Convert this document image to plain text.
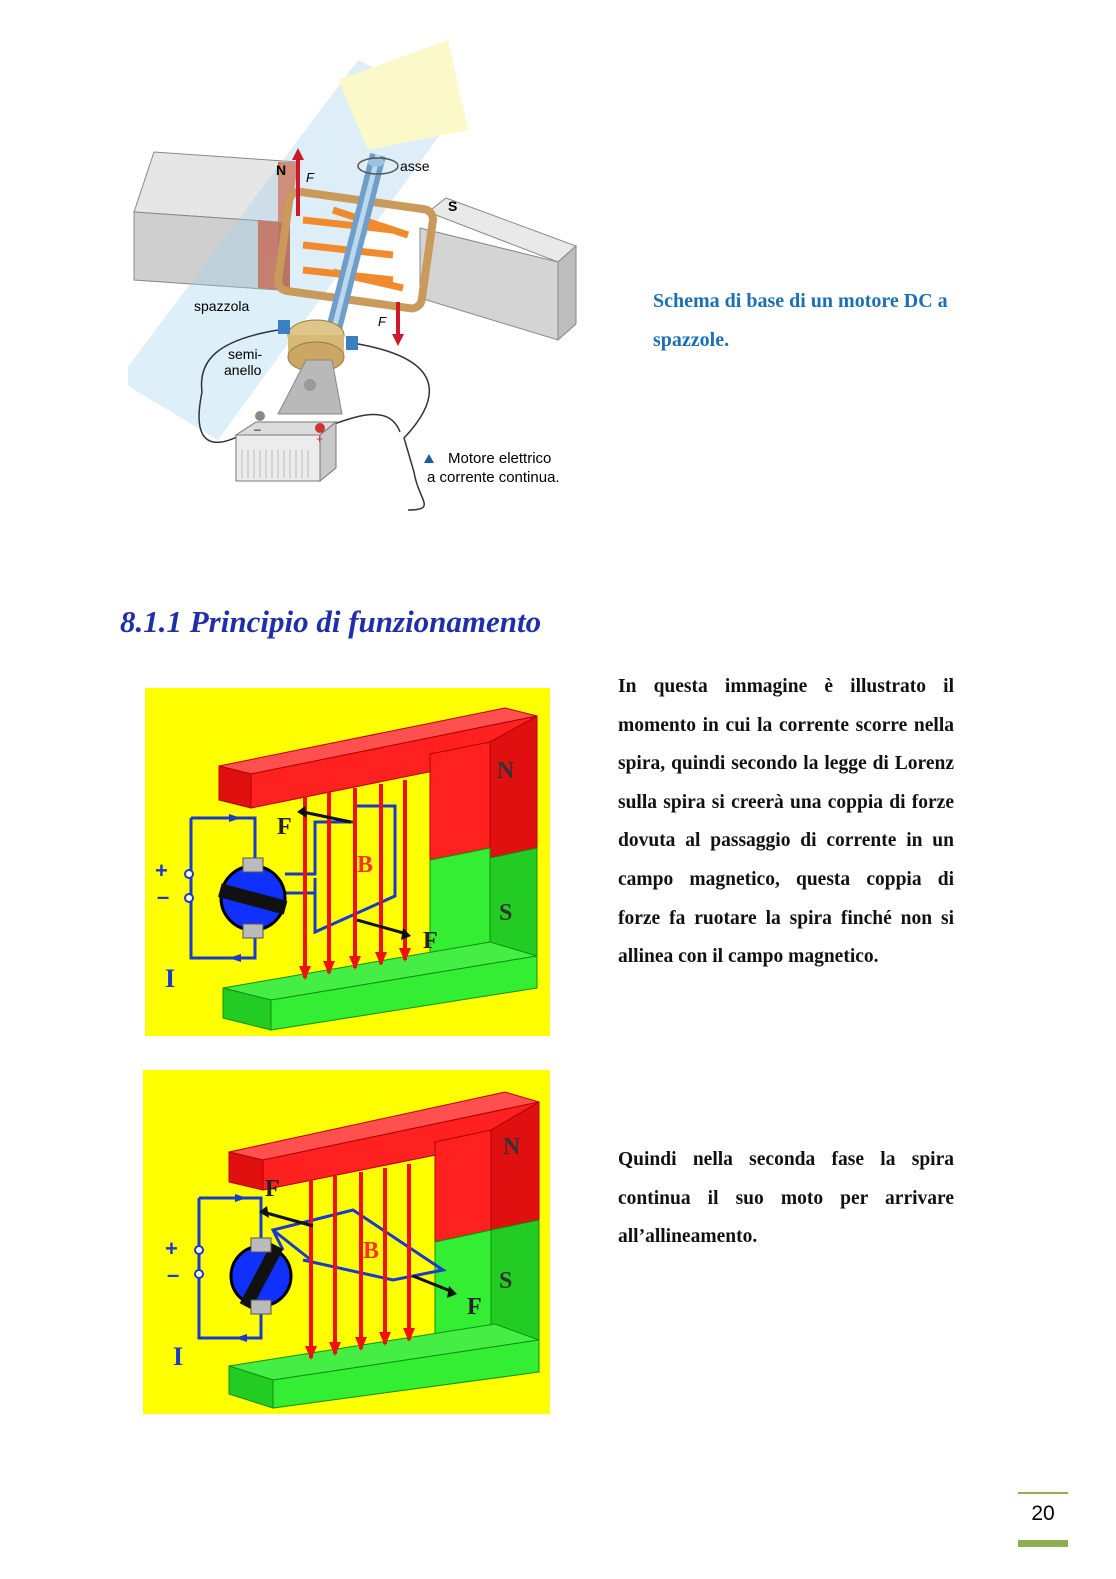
N F
asse
S
spazzola
semi-
anello
F
–
+
Motore elettrico
a corrente continua.
SKUOLA.net il paradiso dello studente
Schema di base di un motore DC a spazzole.
8.1.1 Principio di funzionamento
N
S
B
F
F
I
+
–
In questa immagine è illustrato il momento in cui la corrente scorre nella spira, quindi secondo la legge di Lorenz sulla spira si creerà una coppia di forze dovuta al passaggio di corrente in un campo magnetico, questa coppia di forze fa ruotare la spira finché non si allinea con il campo magnetico.
N
S
B
F
F
I
+
–
Quindi nella seconda fase la spira continua il suo moto per arrivare all’allineamento.
20
